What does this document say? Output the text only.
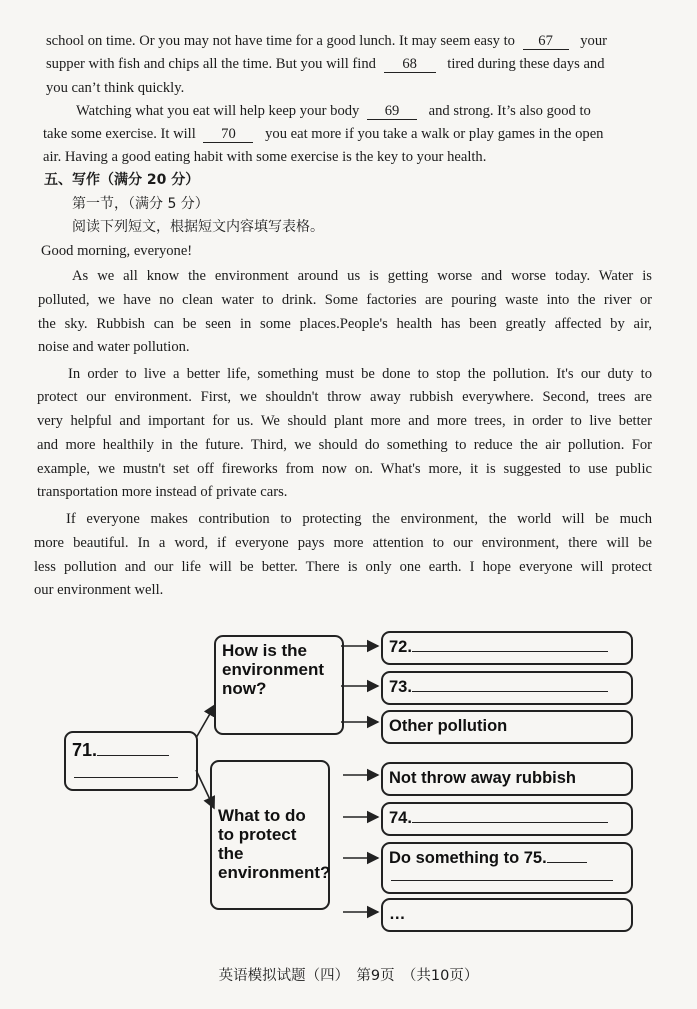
school on time. Or you may not have time for a good lunch. It may seem easy to 67 your
supper with fish and chips all the time. But you will find 68 tired during these days and
you can’t think quickly.
Watching what you eat will help keep your body 69 and strong. It’s also good to
take some exercise. It will 70 you eat more if you take a walk or play games in the open
air. Having a good eating habit with some exercise is the key to your health.
五、写作（满分 20 分）
第一节，（满分 5 分）
阅读下列短文，根据短文内容填写表格。
Good morning, everyone!
As we all know the environment around us is getting worse and worse today. Water is
polluted, we have no clean water to drink. Some factories are pouring waste into the river or
the sky. Rubbish can be seen in some places.People's health has been greatly affected by air,
noise and water pollution.
In order to live a better life, something must be done to stop the pollution. It's our duty to
protect our environment. First, we shouldn't throw away rubbish everywhere. Second, trees are
very helpful and important for us. We should plant more and more trees, in order to live better
and more healthily in the future. Third, we should do something to reduce the air pollution. For
example, we mustn't set off fireworks from now on. What's more, it is suggested to use public
transportation more instead of private cars.
If everyone makes contribution to protecting the environment, the world will be much
more beautiful. In a word, if everyone pays more attention to our environment, there will be
less pollution and our life will be better. There is only one earth. I hope everyone will protect
our environment well.
71.
How is the environment now?
What to do to protect the environment?
72.
73.
Other pollution
Not throw away rubbish
74.
Do something to 75.
…
英语模拟试题（四）　第9页　（共10页）
